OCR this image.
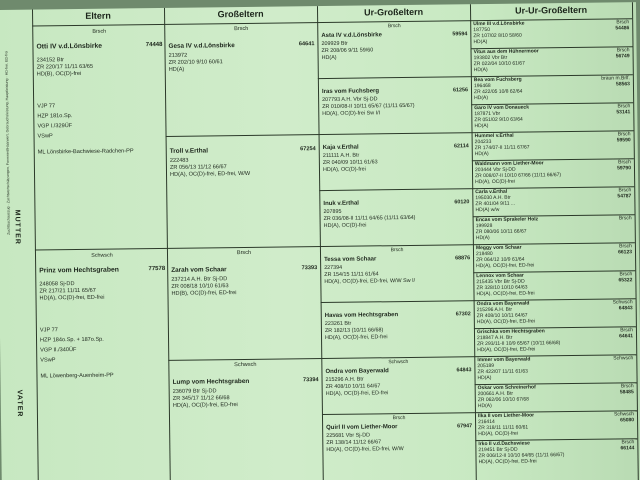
Eltern	Großeltern	Ur-Großeltern	Ur-Ur-Großeltern
Zuchtbuchauszug · Zuchtwertschätzungen, Formwert/Haarwert, Gebrauchsleistung, Hauptleistung · HD-frei, ED-frei MUTTER
VATER
Brsch
Otti IV v.d.Lönsbirke	74448
234152 Btr
ZR 220/17 11/11 63/65
HD(B), OC(D)-frei
VJP 77
HZP 181o.Sp.
VGP I./329ÜF
VSwP
ML Lönsbirke-Bachwiese-Radchen-PP
Schwsch
Prinz vom Hechtsgraben	77578
248058 Sj-DD
ZR 217/21 11/11 65/67
HD(A), OC(D)-frei, ED-frei
VJP 77
HZP 184o.Sp. + 187o.Sp.
VGP II./340ÜF
VSwP
ML Löwenberg-Auenheim-PP
Brsch
Gesa IV v.d.Lönsbirke	64641
213972
ZR 202/10 9/10 60/61
HD(A)
Troll v.Erthal	67254
222483
ZR 056/13 11/12 66/67
HD(A), OC(D)-frei, ED-frei, W/W
Brsch
Zarah vom Schaar	73393
237214 A.H. Btr Sj-DD
ZR 008/18 10/10 61/63
HD(B), OC(D)-frei, ED-frei
Schwsch
Lump vom Hechtsgraben	73394
236079 Btr Sj-DD
ZR 345/17 11/12 66/68
HD(A), OC(D)-frei, ED-frei
Brsch
Asta IV v.d.Lönsbirke	59594
209929 Btr
ZR 208/06 9/11 59/60
HD(A)
Iras vom Fuchsberg	61256
207793 A.H. Vbr Sj-DD
ZR 010/08-II 10/11 65/67 (11/11 65/67)
HD(A), OC(D)-frei Sw I/I
Kaja v.Erthal	62114
211111 A.H. Btr
ZR 040/09 10/11 61/63
HD(A), OC(D)-frei
Inuk v.Erthal	60120
207895
ZR 036/08-II 11/11 64/65 (11/11 63/64)
HD(A), OC(D)-frei
Brsch
Tessa vom Schaar	68876
227394
ZR 154/15 11/11 61/64
HD(A), OC(D)-frei, ED-frei, W/W Sw I/
Havas vom Hechtsgraben	67302
223261 Btr
ZR 182/13 (10/11 66/68)
HD(A), OC(D)-frei, ED-frei
Schwsch
Ondra vom Bayerwald	64843
215296 A.H. Btr
ZR 408/10 10/11 64/67
HD(A), OC(D)-frei, ED-frei
Brsch
Quirl II vom Liether-Moor	67947
225681 Vbr Sj-DD
ZR 138/14 11/12 66/67
HD(A), OC(D)-frei, ED-frei, W/W
Ulme III v.d.Lönsbirke	Brsch
187750	54486
ZR 107/02 8/10 58/60
HD(A)
Vitus aus dem Hühnermoor	Brsch
193802 Vbr Btr	56749
ZR 022/04 10/10 61/67
HD(A)
Bea vom Fuchsberg	braun m.Brlf.
196468	58563
ZR 422/05 10/8 62/64
HD(A)
Garo IV vom Donaueck	Brsch
187871 Vbr	53141
ZR 051/02 9/10 63/64
HD(A)
Hummel v.Erthal	Brsch
204233	59590
ZR 174/07-II 11/11 67/67
HD(A)
Waldmann vom Liether-Moor	Brsch
203444 Vbr Sj-DD	59790
ZR 008/07-II 10/10 67/66 (11/11 66/67)
HD(A), OC(D)-frei
Carla v.Erthal	Brsch
195030 A.H. Btr	54787
ZR 401/04 9/11 ...
HD(A) w/w
Encas vom Sprakeler Holz	Brsch
199928
ZR 080/06 10/11 66/67
HD(A)
Meggy vom Schaar	Brsch
218480	66123
ZR 064/12 10/9 61/64
HD(A), OC(D)-frei, ED-frei
Lennox vom Schaar	Brsch
215435 Vbr Btr Sj-DD	65322
ZR 328/10 10/10 64/63
HD(A), OC(D)-frei, ED-frei
Ondra vom Bayerwald	Schwsch
215296 A.H. Btr	64843
ZR 408/10 10/11 64/67
HD(A), OC(D)-frei, ED-frei
Grischka vom Hechtsgraben	Brsch
218847 A.H. Btr	64641
ZR 293/11-II 10/9 65/67 (10/11 66/68)
HD(A), OC(D)-frei, ED-frei
Immer vom Bayerwald	Schwsch
205189
ZR 422/07 11/11 61/63
HD(A)
Oskar vom Schreinerhof	Brsch
200661 A.H. Btr	58485
ZR 062/06 10/10 67/68
HD(A)
Ilka II vom Liether-Moor	Schwsch
216414	65080
ZR 318/11 11/11 60/61
HD(A), OC(D)-frei
Irko II v.d.Dachswiese	Brsch
219451 Btr Sj-DD	66144
ZR 006/12-II 10/10 64/65 (11/11 66/67)
HD(A), OC(D)-frei, ED-frei
